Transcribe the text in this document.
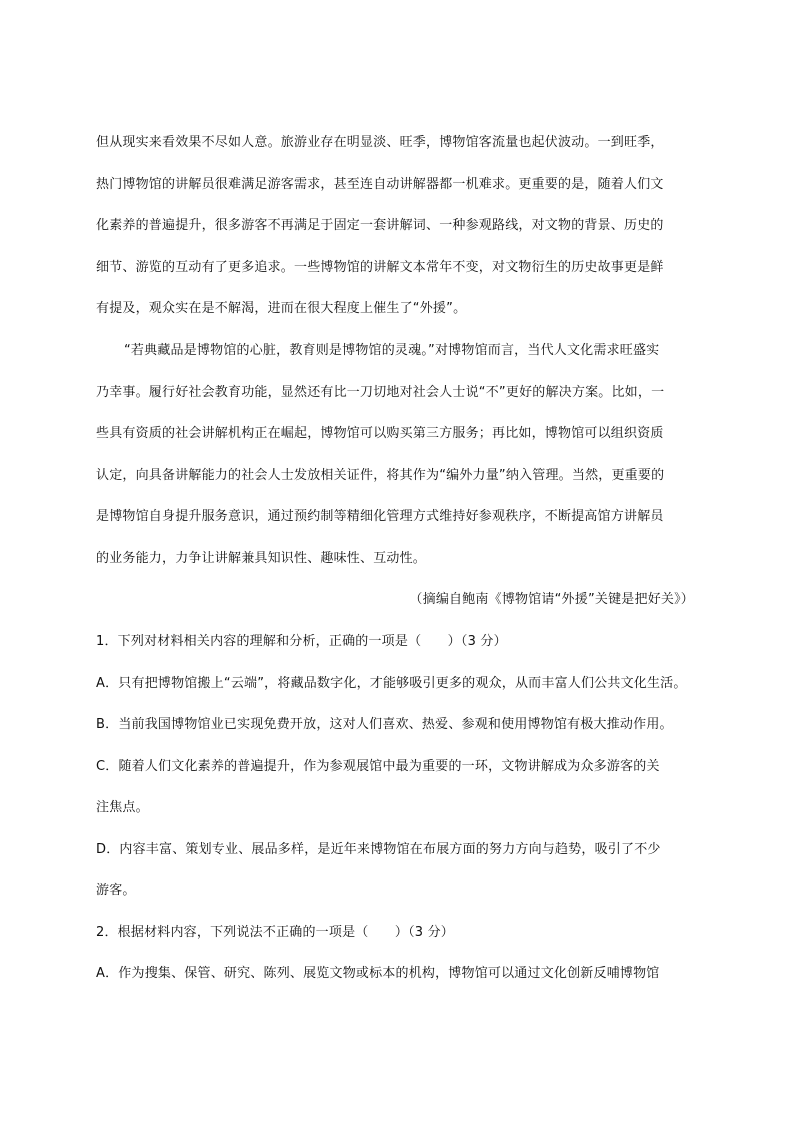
但从现实来看效果不尽如人意。旅游业存在明显淡、旺季，博物馆客流量也起伏波动。一到旺季，
热门博物馆的讲解员很难满足游客需求，甚至连自动讲解器都一机难求。更重要的是，随着人们文
化素养的普遍提升，很多游客不再满足于固定一套讲解词、一种参观路线，对文物的背景、历史的
细节、游览的互动有了更多追求。一些博物馆的讲解文本常年不变，对文物衍生的历史故事更是鲜
有提及，观众实在是不解渴，进而在很大程度上催生了“外援”。
“若典藏品是博物馆的心脏，教育则是博物馆的灵魂。”对博物馆而言，当代人文化需求旺盛实
乃幸事。履行好社会教育功能，显然还有比一刀切地对社会人士说“不”更好的解决方案。比如，一
些具有资质的社会讲解机构正在崛起，博物馆可以购买第三方服务；再比如，博物馆可以组织资质
认定，向具备讲解能力的社会人士发放相关证件，将其作为“编外力量”纳入管理。当然，更重要的
是博物馆自身提升服务意识，通过预约制等精细化管理方式维持好参观秩序，不断提高馆方讲解员
的业务能力，力争让讲解兼具知识性、趣味性、互动性。
（摘编自鲍南《博物馆请“外援”关键是把好关》）
1．下列对材料相关内容的理解和分析，正确的一项是（　　）（3 分）
A．只有把博物馆搬上“云端”，将藏品数字化，才能够吸引更多的观众，从而丰富人们公共文化生活。
B．当前我国博物馆业已实现免费开放，这对人们喜欢、热爱、参观和使用博物馆有极大推动作用。
C．随着人们文化素养的普遍提升，作为参观展馆中最为重要的一环，文物讲解成为众多游客的关
注焦点。
D．内容丰富、策划专业、展品多样，是近年来博物馆在布展方面的努力方向与趋势，吸引了不少
游客。
2．根据材料内容，下列说法不正确的一项是（　　）（3 分）
A．作为搜集、保管、研究、陈列、展览文物或标本的机构，博物馆可以通过文化创新反哺博物馆
